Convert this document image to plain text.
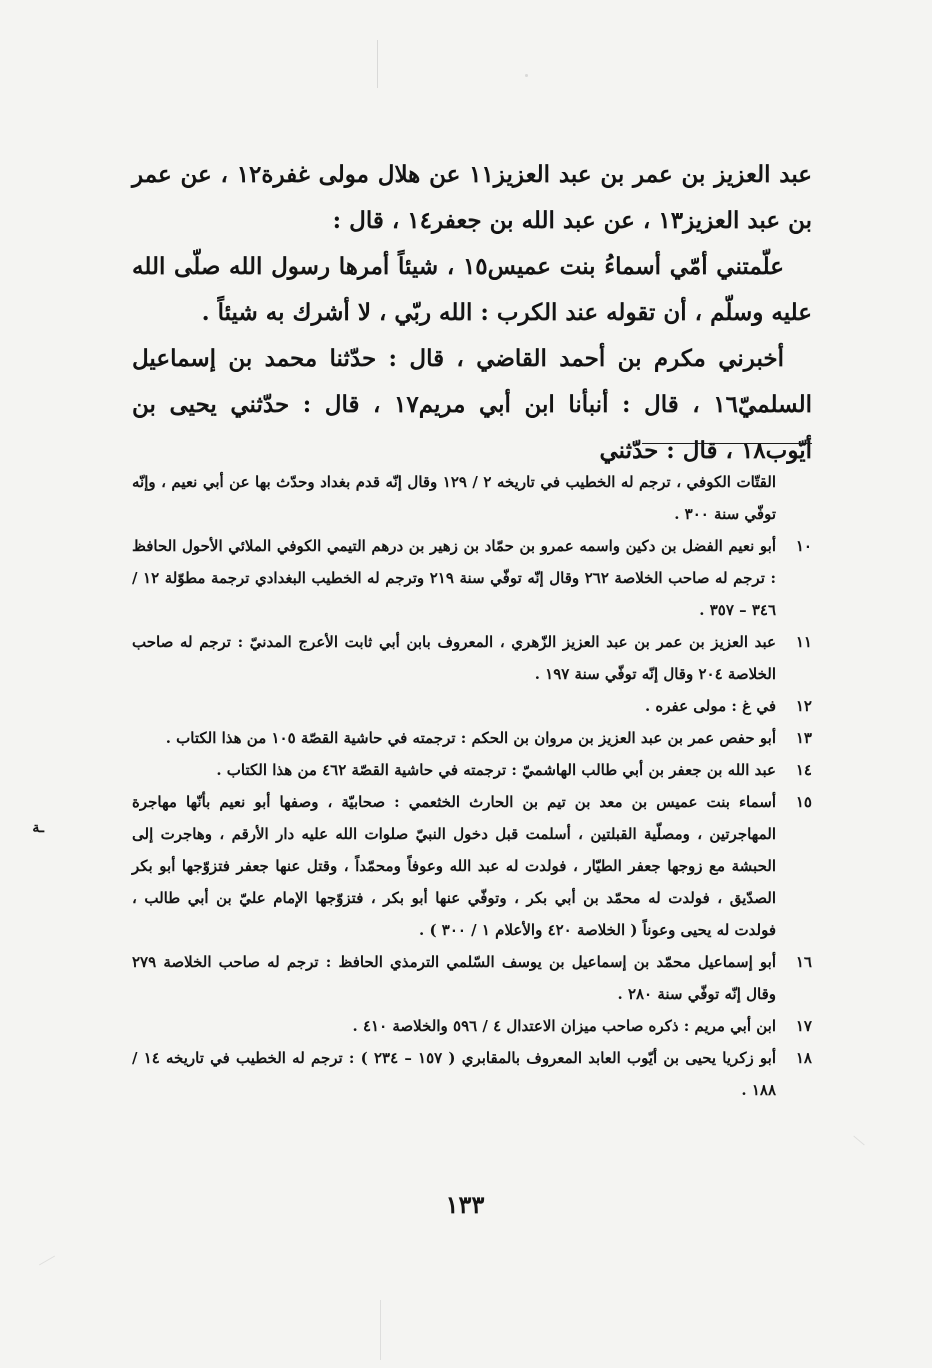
عبد العزيز بن عمر بن عبد العزيز١١ عن هلال مولى غفرة١٢ ، عن عمر بن عبد العزيز١٣ ، عن عبد الله بن جعفر١٤ ، قال :

علّمتني أمّي أسماءُ بنت عميس١٥ ، شيئاً أمرها رسول الله صلّى الله عليه وسلّم ، أن تقوله عند الكرب : الله ربّي ، لا أشرك به شيئاً .

أخبرني مكرم بن أحمد القاضي ، قال : حدّثنا محمد بن إسماعيل السلميّ١٦ ، قال : أنبأنا ابن أبي مريم١٧ ، قال : حدّثني يحيى بن أيّوب١٨ ، قال : حدّثني

القتّات الكوفي ، ترجم له الخطيب في تاريخه ٢ / ١٢٩ وقال إنّه قدم بغداد وحدّث بها عن أبي نعيم ، وإنّه توفّي سنة ٣٠٠ .
١٠
أبو نعيم الفضل بن دكين واسمه عمرو بن حمّاد بن زهير بن درهم التيمي الكوفي الملائي الأحول الحافظ : ترجم له صاحب الخلاصة ٢٦٢ وقال إنّه توفّي سنة ٢١٩ وترجم له الخطيب البغدادي ترجمة مطوّلة ١٢ / ٣٤٦ – ٣٥٧ .
١١
عبد العزيز بن عمر بن عبد العزيز الزّهري ، المعروف بابن أبي ثابت الأعرج المدنيّ : ترجم له صاحب الخلاصة ٢٠٤ وقال إنّه توفّي سنة ١٩٧ .
١٢
في غ : مولى عفره .
١٣
أبو حفص عمر بن عبد العزيز بن مروان بن الحكم : ترجمته في حاشية القصّة ١٠٥ من هذا الكتاب .
١٤
عبد الله بن جعفر بن أبي طالب الهاشميّ : ترجمته في حاشية القصّة ٤٦٢ من هذا الكتاب .
١٥
أسماء بنت عميس بن معد بن تيم بن الحارث الخثعمي : صحابيّة ، وصفها أبو نعيم بأنّها مهاجرة المهاجرتين ، ومصلّية القبلتين ، أسلمت قبل دخول النبيّ صلوات الله عليه دار الأرقم ، وهاجرت إلى الحبشة مع زوجها جعفر الطيّار ، فولدت له عبد الله وعوفاً ومحمّداً ، وقتل عنها جعفر فتزوّجها أبو بكر الصدّيق ، فولدت له محمّد بن أبي بكر ، وتوفّي عنها أبو بكر ، فتزوّجها الإمام عليّ بن أبي طالب ، فولدت له يحيى وعوناً ( الخلاصة ٤٢٠ والأعلام ١ / ٣٠٠ ) .
١٦
أبو إسماعيل محمّد بن إسماعيل بن يوسف السّلمي الترمذي الحافظ : ترجم له صاحب الخلاصة ٢٧٩ وقال إنّه توفّي سنة ٢٨٠ .
١٧
ابن أبي مريم : ذكره صاحب ميزان الاعتدال ٤ / ٥٩٦ والخلاصة ٤١٠ .
١٨
أبو زكريا يحيى بن أيّوب العابد المعروف بالمقابري ( ١٥٧ – ٢٣٤ ) : ترجم له الخطيب في تاريخه ١٤ / ١٨٨ .
ـة
١٣٣
